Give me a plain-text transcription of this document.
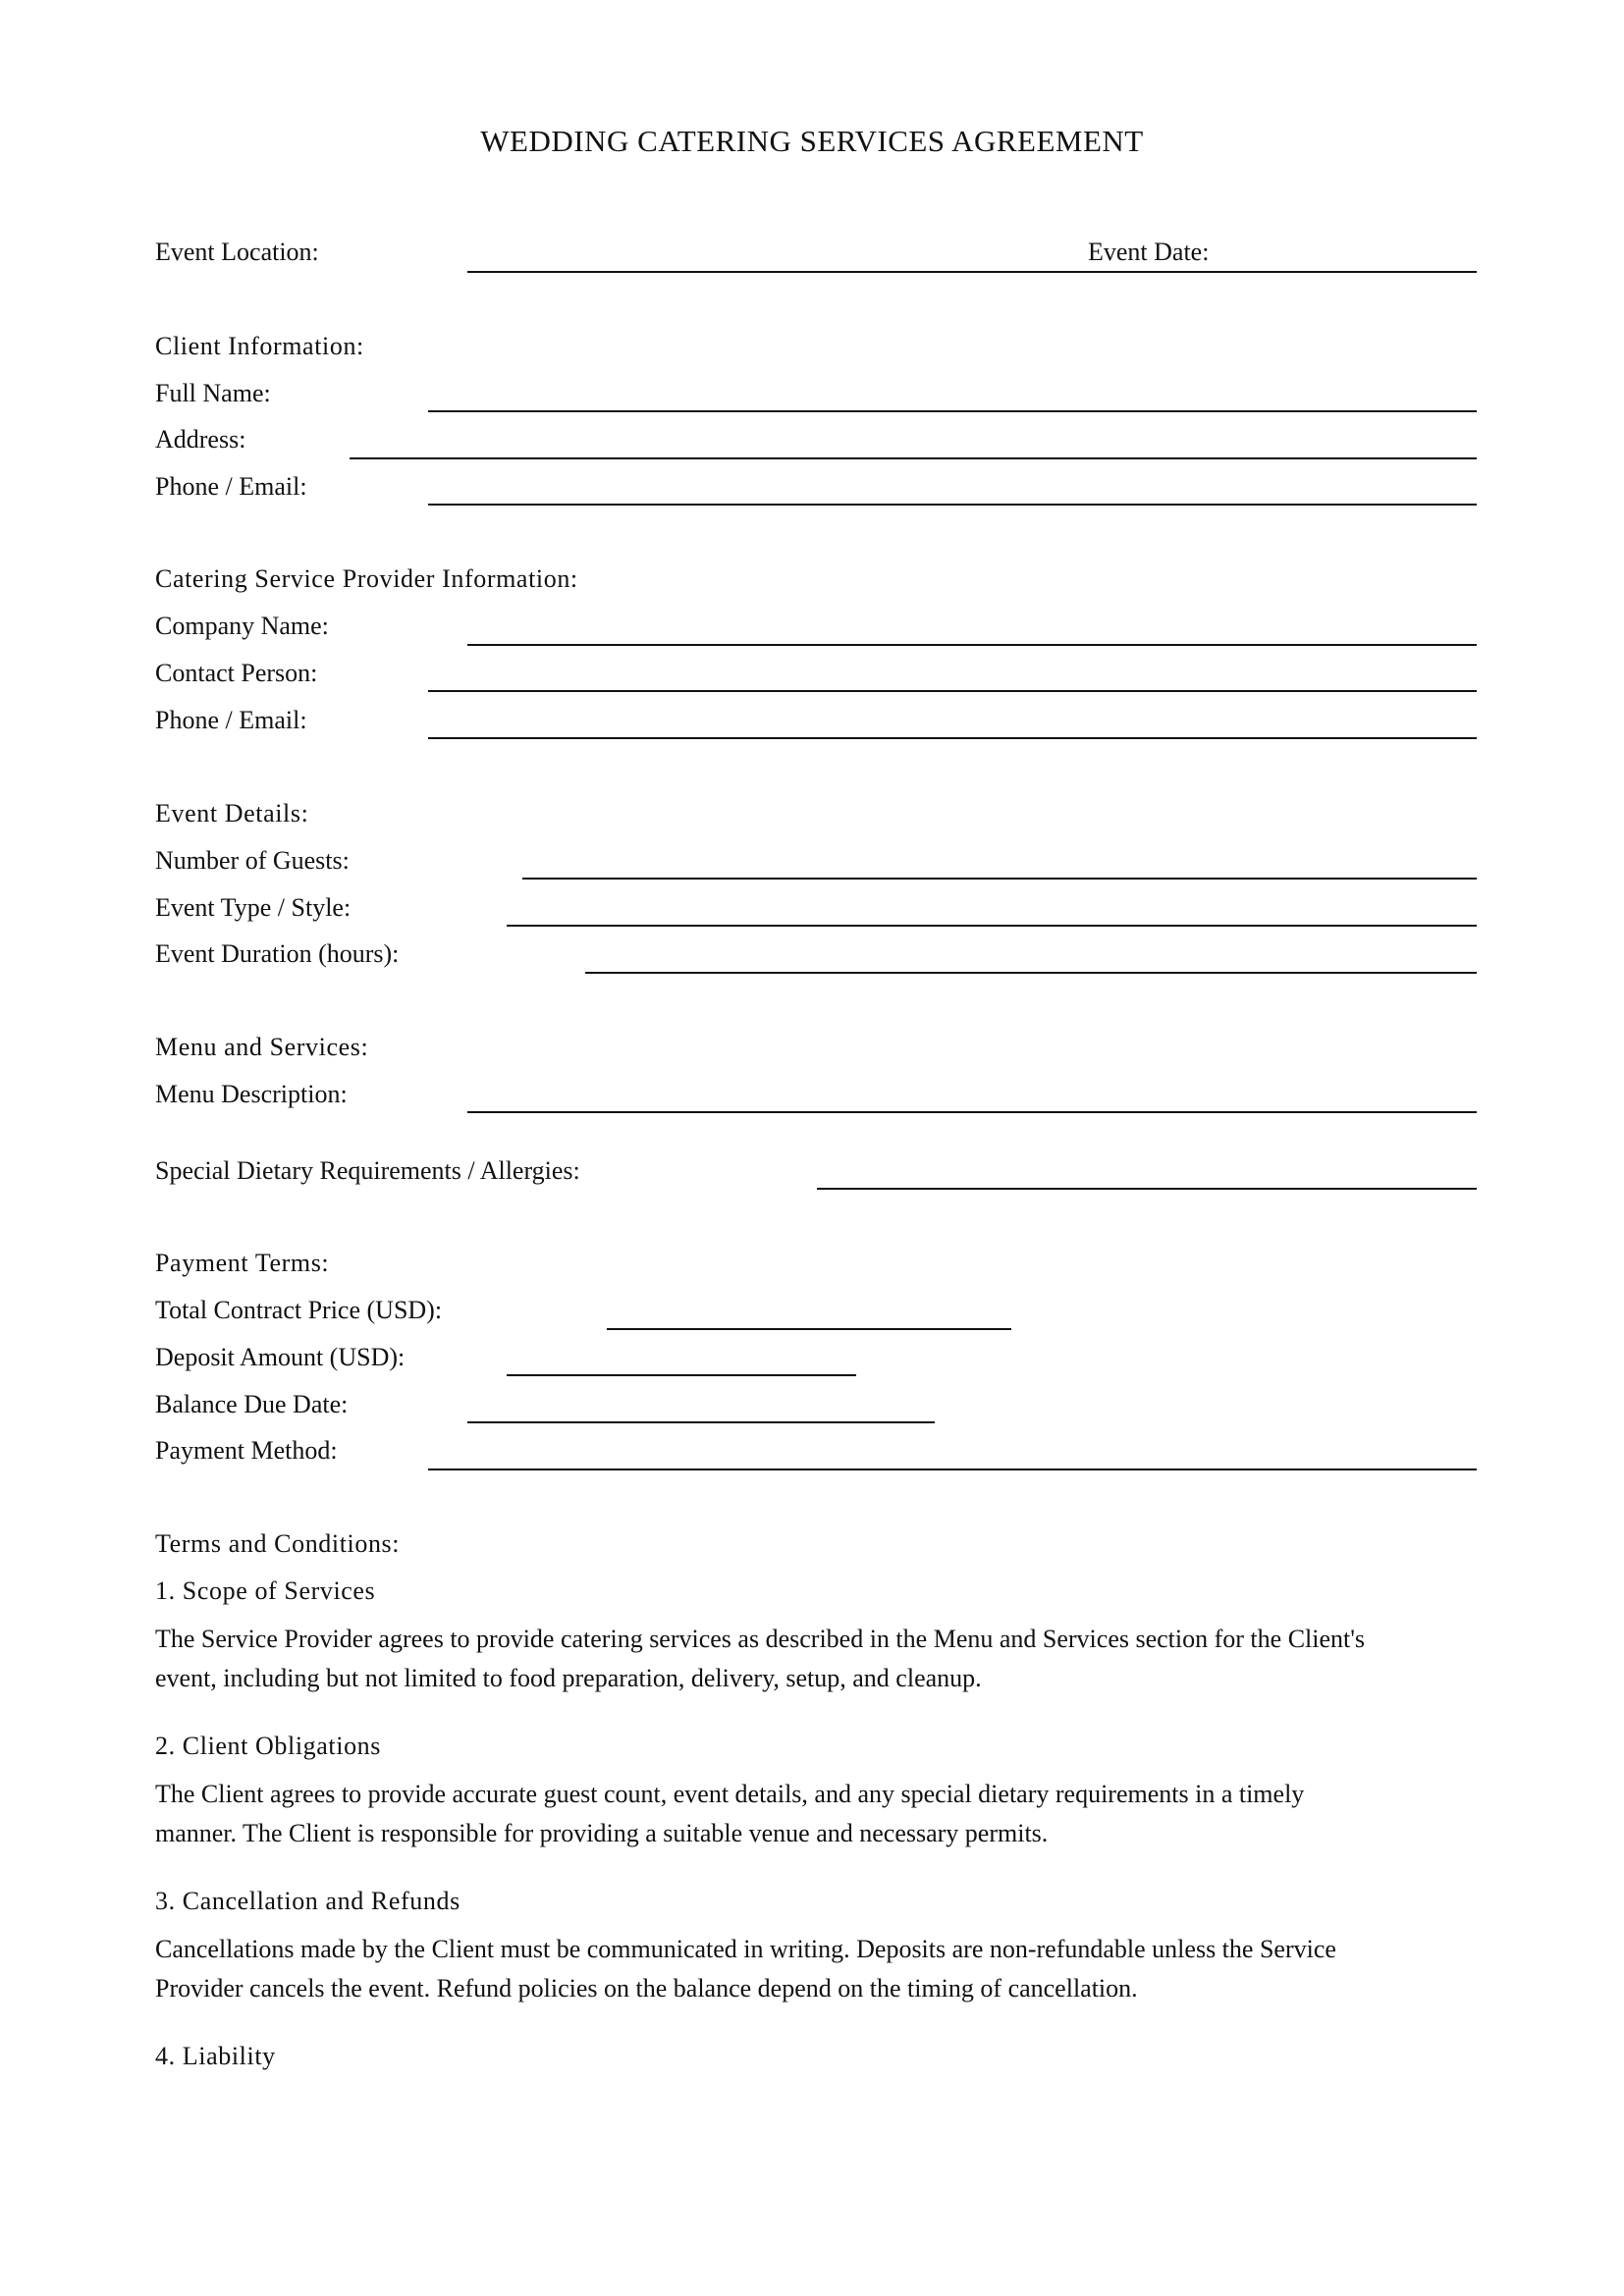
WEDDING CATERING SERVICES AGREEMENT
Event Location:	Event Date:
Client Information:
Full Name:
Address:
Phone / Email:
Catering Service Provider Information:
Company Name:
Contact Person:
Phone / Email:
Event Details:
Number of Guests:
Event Type / Style:
Event Duration (hours):
Menu and Services:
Menu Description:
Special Dietary Requirements / Allergies:
Payment Terms:
Total Contract Price (USD):
Deposit Amount (USD):
Balance Due Date:
Payment Method:
Terms and Conditions:
1. Scope of Services

The Service Provider agrees to provide catering services as described in the Menu and Services section for the Client's

event, including but not limited to food preparation, delivery, setup, and cleanup.

2. Client Obligations

The Client agrees to provide accurate guest count, event details, and any special dietary requirements in a timely

manner. The Client is responsible for providing a suitable venue and necessary permits.

3. Cancellation and Refunds

Cancellations made by the Client must be communicated in writing. Deposits are non-refundable unless the Service

Provider cancels the event. Refund policies on the balance depend on the timing of cancellation.

4. Liability
